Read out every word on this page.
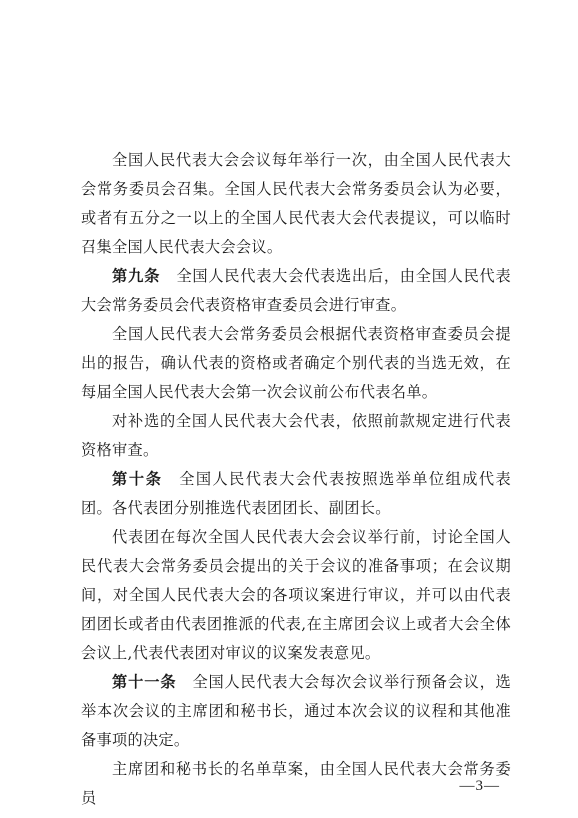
全国人民代表大会会议每年举行一次，由全国人民代表大会常务委员会召集。全国人民代表大会常务委员会认为必要，或者有五分之一以上的全国人民代表大会代表提议，可以临时召集全国人民代表大会会议。

第九条　 全国人民代表大会代表选出后，由全国人民代表大会常务委员会代表资格审查委员会进行审查。

全国人民代表大会常务委员会根据代表资格审查委员会提出的报告，确认代表的资格或者确定个别代表的当选无效，在每届全国人民代表大会第一次会议前公布代表名单。

对补选的全国人民代表大会代表，依照前款规定进行代表资格审查。

第十条　 全国人民代表大会代表按照选举单位组成代表团。各代表团分别推选代表团团长、副团长。

代表团在每次全国人民代表大会会议举行前，讨论全国人民代表大会常务委员会提出的关于会议的准备事项；在会议期间，对全国人民代表大会的各项议案进行审议，并可以由代表团团长或者由代表团推派的代表,在主席团会议上或者大会全体会议上,代表代表团对审议的议案发表意见。

第十一条　 全国人民代表大会每次会议举行预备会议，选举本次会议的主席团和秘书长，通过本次会议的议程和其他准备事项的决定。

主席团和秘书长的名单草案，由全国人民代表大会常务委员

—3—
